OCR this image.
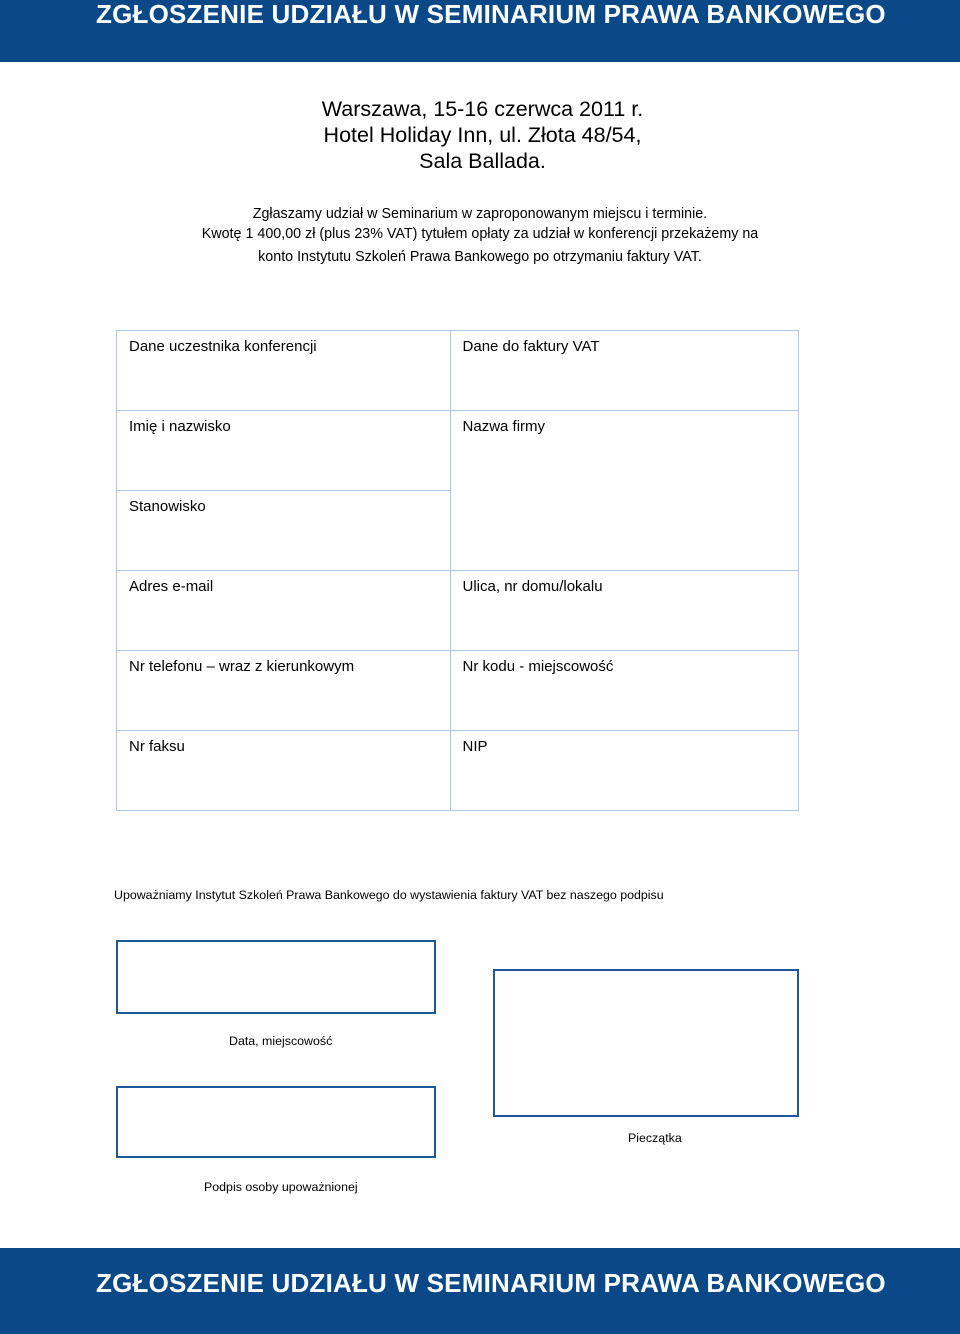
ZGŁOSZENIE UDZIAŁU W SEMINARIUM PRAWA BANKOWEGO
Warszawa, 15-16 czerwca 2011 r.
Hotel Holiday Inn, ul. Złota 48/54,
Sala Ballada.
Zgłaszamy udział w Seminarium w zaproponowanym miejscu i terminie.
Kwotę 1 400,00 zł (plus 23% VAT) tytułem opłaty za udział w konferencji przekażemy na
konto Instytutu Szkoleń Prawa Bankowego po otrzymaniu faktury VAT.
Dane uczestnika konferencji	Dane do faktury VAT
Imię i nazwisko	Nazwa firmy
Stanowisko	
Adres e-mail	Ulica, nr domu/lokalu
Nr telefonu – wraz z kierunkowym	Nr kodu - miejscowość
Nr faksu	NIP
Upoważniamy Instytut Szkoleń Prawa Bankowego do wystawienia faktury VAT bez naszego podpisu
Data, miejscowość
Pieczątka
Podpis osoby upoważnionej
ZGŁOSZENIE UDZIAŁU W SEMINARIUM PRAWA BANKOWEGO
